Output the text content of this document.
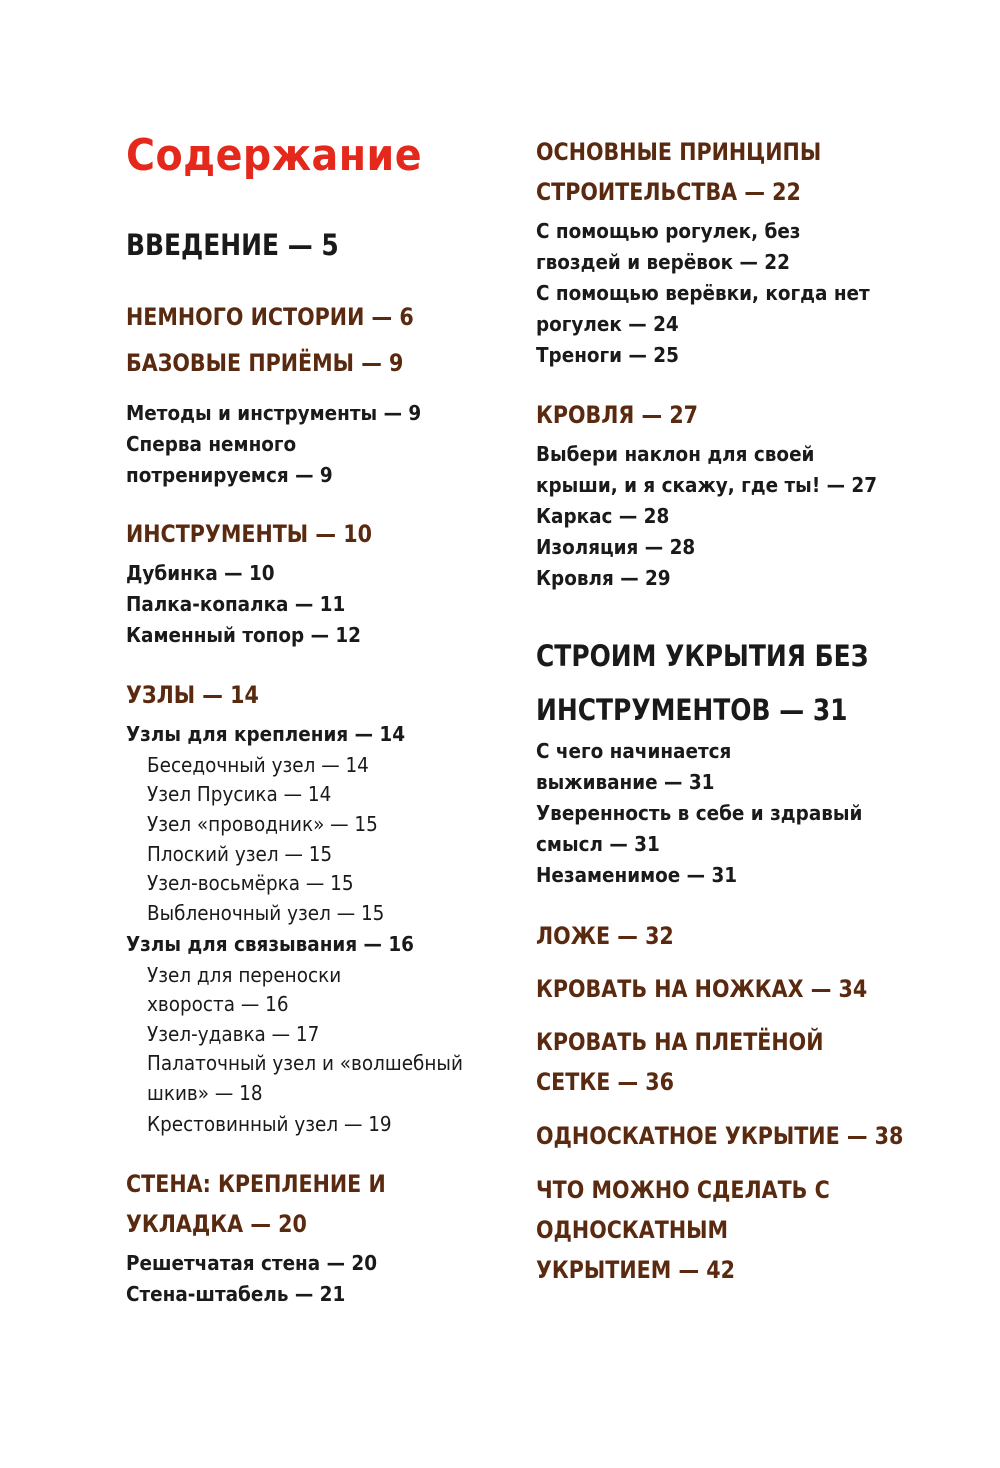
Содержание
ВВЕДЕНИЕ — 5
НЕМНОГО ИСТОРИИ — 6
БАЗОВЫЕ ПРИЁМЫ — 9
Методы и инструменты — 9
Сперва немного
потренируемся — 9
ИНСТРУМЕНТЫ — 10
Дубинка — 10
Палка-копалка — 11
Каменный топор — 12
УЗЛЫ — 14
Узлы для крепления — 14
Беседочный узел — 14
Узел Прусика — 14
Узел «проводник» — 15
Плоский узел — 15
Узел-восьмёрка — 15
Выбленочный узел — 15
Узлы для связывания — 16
Узел для переноски
хвороста — 16
Узел-удавка — 17
Палаточный узел и «волшебный
шкив» — 18
Крестовинный узел — 19
СТЕНА: КРЕПЛЕНИЕ И
УКЛАДКА — 20
Решетчатая стена — 20
Стена-штабель — 21
ОСНОВНЫЕ ПРИНЦИПЫ
СТРОИТЕЛЬСТВА — 22
С помощью рогулек, без
гвоздей и верёвок — 22
С помощью верёвки, когда нет
рогулек — 24
Треноги — 25
КРОВЛЯ — 27
Выбери наклон для своей
крыши, и я скажу, где ты! — 27
Каркас — 28
Изоляция — 28
Кровля — 29
СТРОИМ УКРЫТИЯ БЕЗ
ИНСТРУМЕНТОВ — 31
С чего начинается
выживание — 31
Уверенность в себе и здравый
смысл — 31
Незаменимое — 31
ЛОЖЕ — 32
КРОВАТЬ НА НОЖКАХ — 34
КРОВАТЬ НА ПЛЕТЁНОЙ
СЕТКЕ — 36
ОДНОСКАТНОЕ УКРЫТИЕ — 38
ЧТО МОЖНО СДЕЛАТЬ С
ОДНОСКАТНЫМ
УКРЫТИЕМ — 42
